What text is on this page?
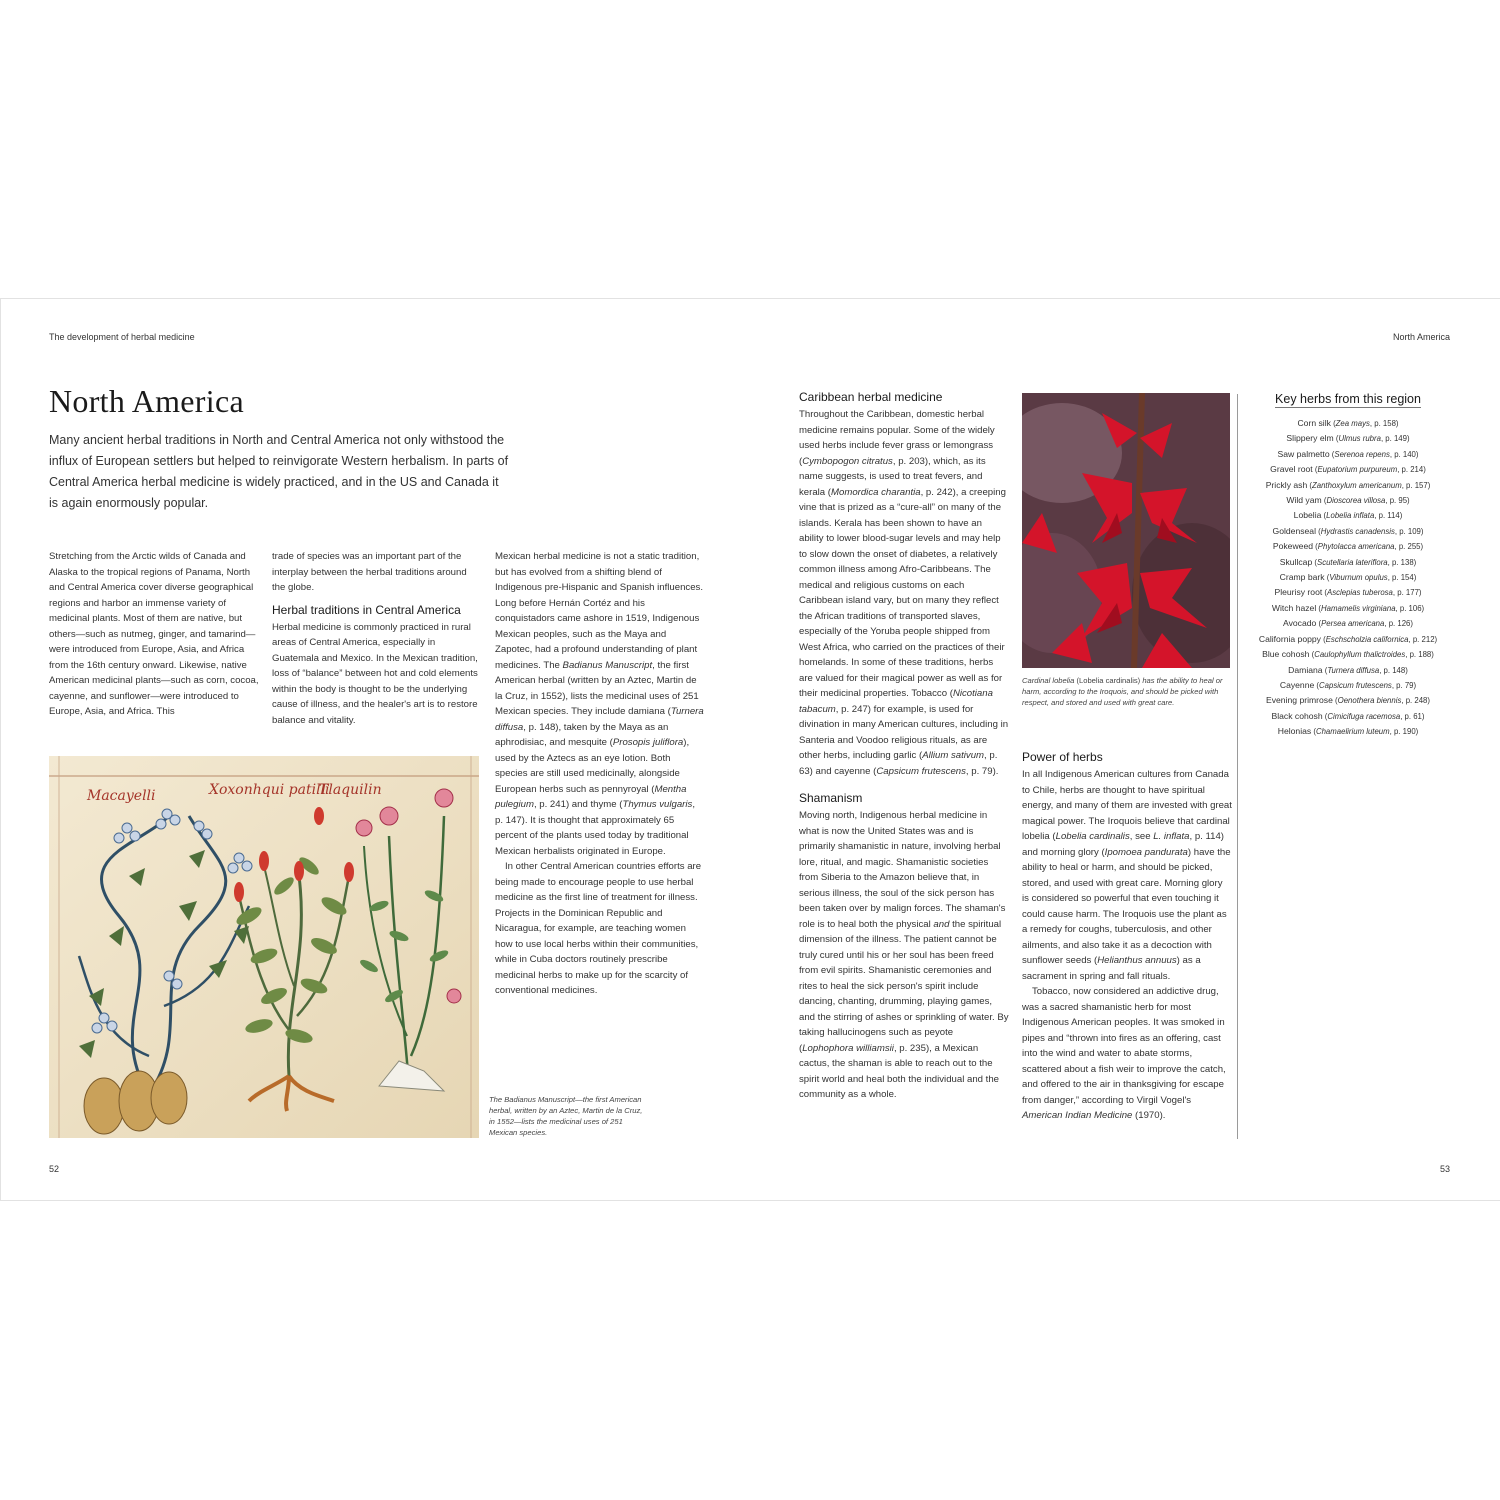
The development of herbal medicine	North America
North America
Many ancient herbal traditions in North and Central America not only withstood the influx of European settlers but helped to reinvigorate Western herbalism. In parts of Central America herbal medicine is widely practiced, and in the US and Canada it is again enormously popular.

Stretching from the Arctic wilds of Canada and Alaska to the tropical regions of Panama, North and Central America cover diverse geographical regions and harbor an immense variety of medicinal plants. Most of them are native, but others—such as nutmeg, ginger, and tamarind—were introduced from Europe, Asia, and Africa from the 16th century onward. Likewise, native American medicinal plants—such as corn, cocoa, cayenne, and sunflower—were introduced to Europe, Asia, and Africa. This

trade of species was an important part of the interplay between the herbal traditions around the globe.

Herbal traditions in Central America

Herbal medicine is commonly practiced in rural areas of Central America, especially in Guatemala and Mexico. In the Mexican tradition, loss of “balance” between hot and cold elements within the body is thought to be the underlying cause of illness, and the healer's art is to restore balance and vitality.

Mexican herbal medicine is not a static tradition, but has evolved from a shifting blend of Indigenous pre-Hispanic and Spanish influences. Long before Hernán Cortéz and his conquistadors came ashore in 1519, Indigenous Mexican peoples, such as the Maya and Zapotec, had a profound understanding of plant medicines. The Badianus Manuscript, the first American herbal (written by an Aztec, Martin de la Cruz, in 1552), lists the medicinal uses of 251 Mexican species. They include damiana (Turnera diffusa, p. 148), taken by the Maya as an aphrodisiac, and mesquite (Prosopis juliflora), used by the Aztecs as an eye lotion. Both species are still used medicinally, alongside European herbs such as pennyroyal (Mentha pulegium, p. 241) and thyme (Thymus vulgaris, p. 147). It is thought that approximately 65 percent of the plants used today by traditional Mexican herbalists originated in Europe.

In other Central American countries efforts are being made to encourage people to use herbal medicine as the first line of treatment for illness. Projects in the Dominican Republic and Nicaragua, for example, are teaching women how to use local herbs within their communities, while in Cuba doctors routinely prescribe medicinal herbs to make up for the scarcity of conventional medicines.

Macayelli	Xoxonhqui patilli
Tlaquilin
The Badianus Manuscript—the first American herbal, written by an Aztec, Martin de la Cruz, in 1552—lists the medicinal uses of 251 Mexican species.
Caribbean herbal medicine

Throughout the Caribbean, domestic herbal medicine remains popular. Some of the widely used herbs include fever grass or lemongrass (Cymbopogon citratus, p. 203), which, as its name suggests, is used to treat fevers, and kerala (Momordica charantia, p. 242), a creeping vine that is prized as a “cure-all” on many of the islands. Kerala has been shown to have an ability to lower blood-sugar levels and may help to slow down the onset of diabetes, a relatively common illness among Afro-Caribbeans. The medical and religious customs on each Caribbean island vary, but on many they reflect the African traditions of transported slaves, especially of the Yoruba people shipped from West Africa, who carried on the practices of their homelands. In some of these traditions, herbs are valued for their magical power as well as for their medicinal properties. Tobacco (Nicotiana tabacum, p. 247) for example, is used for divination in many American cultures, including in Santeria and Voodoo religious rituals, as are other herbs, including garlic (Allium sativum, p. 63) and cayenne (Capsicum frutescens, p. 79).

Shamanism

Moving north, Indigenous herbal medicine in what is now the United States was and is primarily shamanistic in nature, involving herbal lore, ritual, and magic. Shamanistic societies from Siberia to the Amazon believe that, in serious illness, the soul of the sick person has been taken over by malign forces. The shaman's role is to heal both the physical and the spiritual dimension of the illness. The patient cannot be truly cured until his or her soul has been freed from evil spirits. Shamanistic ceremonies and rites to heal the sick person's spirit include dancing, chanting, drumming, playing games, and the stirring of ashes or sprinkling of water. By taking hallucinogens such as peyote (Lophophora williamsii, p. 235), a Mexican cactus, the shaman is able to reach out to the spirit world and heal both the individual and the community as a whole.

Cardinal lobelia (Lobelia cardinalis) has the ability to heal or harm, according to the Iroquois, and should be picked with respect, and stored and used with great care.
Power of herbs

In all Indigenous American cultures from Canada to Chile, herbs are thought to have spiritual energy, and many of them are invested with great magical power. The Iroquois believe that cardinal lobelia (Lobelia cardinalis, see L. inflata, p. 114) and morning glory (Ipomoea pandurata) have the ability to heal or harm, and should be picked, stored, and used with great care. Morning glory is considered so powerful that even touching it could cause harm. The Iroquois use the plant as a remedy for coughs, tuberculosis, and other ailments, and also take it as a decoction with sunflower seeds (Helianthus annuus) as a sacrament in spring and fall rituals.

Tobacco, now considered an addictive drug, was a sacred shamanistic herb for most Indigenous American peoples. It was smoked in pipes and “thrown into fires as an offering, cast into the wind and water to abate storms, scattered about a fish weir to improve the catch, and offered to the air in thanksgiving for escape from danger,” according to Virgil Vogel's American Indian Medicine (1970).

Key herbs from this region
Corn silk (Zea mays, p. 158)
Slippery elm (Ulmus rubra, p. 149)
Saw palmetto (Serenoa repens, p. 140)
Gravel root (Eupatorium purpureum, p. 214)
Prickly ash (Zanthoxylum americanum, p. 157)
Wild yam (Dioscorea villosa, p. 95)
Lobelia (Lobelia inflata, p. 114)
Goldenseal (Hydrastis canadensis, p. 109)
Pokeweed (Phytolacca americana, p. 255)
Skullcap (Scutellaria lateriflora, p. 138)
Cramp bark (Viburnum opulus, p. 154)
Pleurisy root (Asclepias tuberosa, p. 177)
Witch hazel (Hamamelis virginiana, p. 106)
Avocado (Persea americana, p. 126)
California poppy (Eschscholzia californica, p. 212)
Blue cohosh (Caulophyllum thalictroides, p. 188)
Damiana (Turnera diffusa, p. 148)
Cayenne (Capsicum frutescens, p. 79)
Evening primrose (Oenothera biennis, p. 248)
Black cohosh (Cimicifuga racemosa, p. 61)
Helonias (Chamaelirium luteum, p. 190)
52	53
